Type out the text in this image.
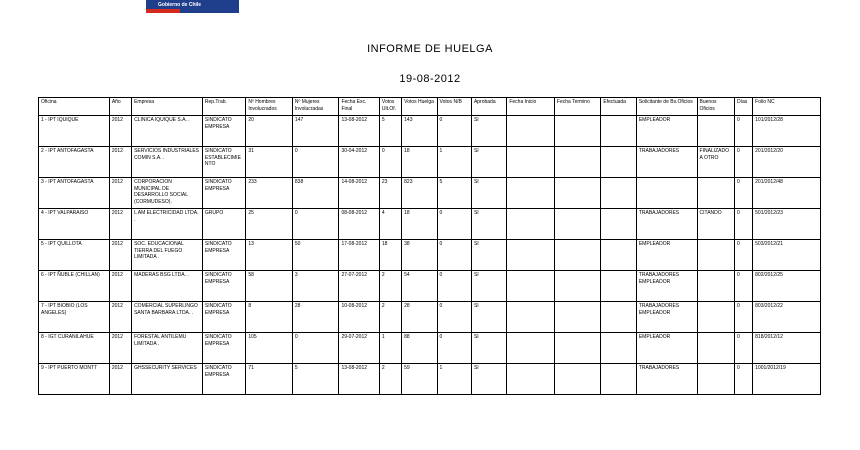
Gobierno de Chile
INFORME DE HUELGA
19-08-2012
Oficina	Año	Empresa	Rep.Trab.	Nº Hombres Involucrados	Nº Mujeres Involucradas	Fecha Exc. Final	Votos Ult.Of.	Votos Huelga	Votos N/B	Aprobada	Fecha Inicio	Fecha Termino	Efectuada	Solicitante de Bs.Oficios	Buenos Oficios	Días	Folio NC
1 - IPT IQUIQUE	2012	CLINICA IQUIQUE S.A. .	SINDICATO EMPRESA	20	147	13-08-2012	5	143	0	SI				EMPLEADOR		0	101/2012/28
2 - IPT ANTOFAGASTA	2012	SERVICIOS INDUSTRIALES COMIN S.A. .	SINDICATO ESTABLECIMIENTO	31	0	30-04-2012	0	18	1	SI				TRABAJADORES	FINALIZADO A OTRO	0	201/2012/20
3 - IPT ANTOFAGASTA	2012	CORPORACION MUNICIPAL DE DESARROLLO SOCIAL (CORMUDESO).	SINDICATO EMPRESA	233	838	14-08-2012	23	823	5	SI						0	201/2012/48
4 - IPT VALPARAISO	2012	L AM ELECTRICIDAD LTDA. .	GRUPO	25	0	08-08-2012	4	18	0	SI				TRABAJADORES	CITANDO	0	501/2012/23
5 - IPT QUILLOTA	2012	SOC. EDUCACIONAL TIERRA DEL FUEGO LIMITADA .	SINDICATO EMPRESA	13	50	17-08-2012	18	38	0	SI				EMPLEADOR		0	503/2012/21
6 - IPT ÑUBLE (CHILLAN)	2012	MADERAS BSG LTDA. .	SINDICATO EMPRESA	58	3	27-07-2012	2	54	0	SI				TRABAJADORES EMPLEADOR		0	802/2012/25
7 - IPT BIOBIO (LOS ANGELES)	2012	COMERCIAL SUPERLINGO SANTA BARBARA LTDA. .	SINDICATO EMPRESA	8	28	10-08-2012	2	28	0	SI				TRABAJADORES EMPLEADOR		0	803/2012/22
8 - IGT CURANILAHUE	2012	FORESTAL ANTILEMU LIMITADA .	SINDICATO EMPRESA	105	0	29-07-2012	1	88	0	SI				EMPLEADOR		0	818/2012/12
9 - IPT PUERTO MONTT	2012	GHSSECURITY SERVICES	SINDICATO EMPRESA	71	5	13-08-2012	2	59	1	SI				TRABAJADORES		0	1001/2012/19
